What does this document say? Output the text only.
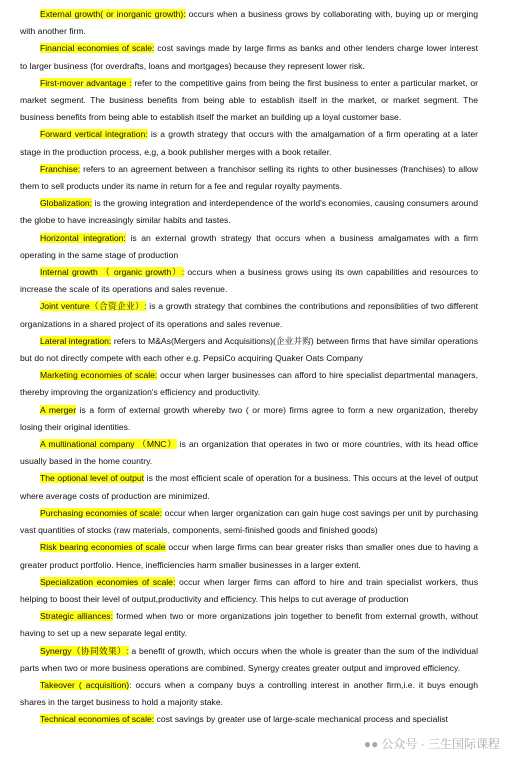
External growth( or inorganic growth): occurs when a business grows by collaborating with, buying up or merging with another firm.

Financial economies of scale: cost savings made by large firms as banks and other lenders charge lower interest to larger business (for overdrafts, loans and mortgages) because they represent lower risk.

First-mover advantage : refer to the competitive gains from being the first business to enter a particular market, or market segment. The business benefits from being able to establish itself in the market, or market segment. The business benefits from being able to establish itself the market an building up a loyal customer base.

Forward vertical integration: is a growth strategy that occurs with the amalgamation of a firm operating at a later stage in the production process, e,g, a book publisher merges with a book retailer.

Franchise: refers to an agreement between a franchisor selling its rights to other businesses (franchises) to allow them to sell products under its name in return for a fee and regular royalty payments.

Globalization: is the growing integration and interdependence of the world's economies, causing consumers around the globe to have increasingly similar habits and tastes.

Horizontal integration: is an external growth strategy that occurs when a business amalgamates with a firm operating in the same stage of production

Internal growth （ organic growth）: occurs when a business grows using its own capabilities and resources to increase the scale of its operations and sales revenue.

Joint venture（合资企业）: is a growth strategy that combines the contributions and reponsiblities of two different organizations in a shared project of its operations and sales revenue.

Lateral integration: refers to M&As(Mergers and Acquisitions)(企业并购) between firms that have similar operations but do not directly compete with each other e.g. PepsiCo acquiring Quaker Oats Company

Marketing economies of scale: occur when larger businesses can afford to hire specialist departmental managers, thereby improving the organization's efficiency and productivity.

A merger is a form of external growth whereby two ( or more) firms agree to form a new organization, thereby losing their original identities.

A multinational company （MNC） is an organization that operates in two or more countries, with its head office usually based in the home country.

The optional level of output is the most efficient scale of operation for a business. This occurs at the level of output where average costs of production are minimized.

Purchasing economies of scale: occur when larger organization can gain huge cost savings per unit by purchasing vast quantities of stocks (raw materials, components, semi-finished goods and finished goods)

Risk bearing economies of scale occur when large firms can bear greater risks than smaller ones due to having a greater product portfolio. Hence, inefficiencies harm smaller businesses in a larger extent.

Specialization economies of scale: occur when larger firms can afford to hire and train specialist workers, thus helping to boost their level of output,productivity and efficiency. This helps to cut average of production

Strategic alliances: formed when two or more organizations join together to benefit from external growth, without having to set up a new separate legal entity.

Synergy（协同效果）: a benefit of growth, which occurs when the whole is greater than the sum of the individual parts when two or more business operations are combined. Synergy creates greater output and improved efficiency.

Takeover ( acquisition): occurs when a company buys a controlling interest in another firm,i.e. it buys enough shares in the target business to hold a majority stake.

Technical economies of scale: cost savings by greater use of large-scale mechanical process and specialist

●● 公众号 · 三生国际课程
